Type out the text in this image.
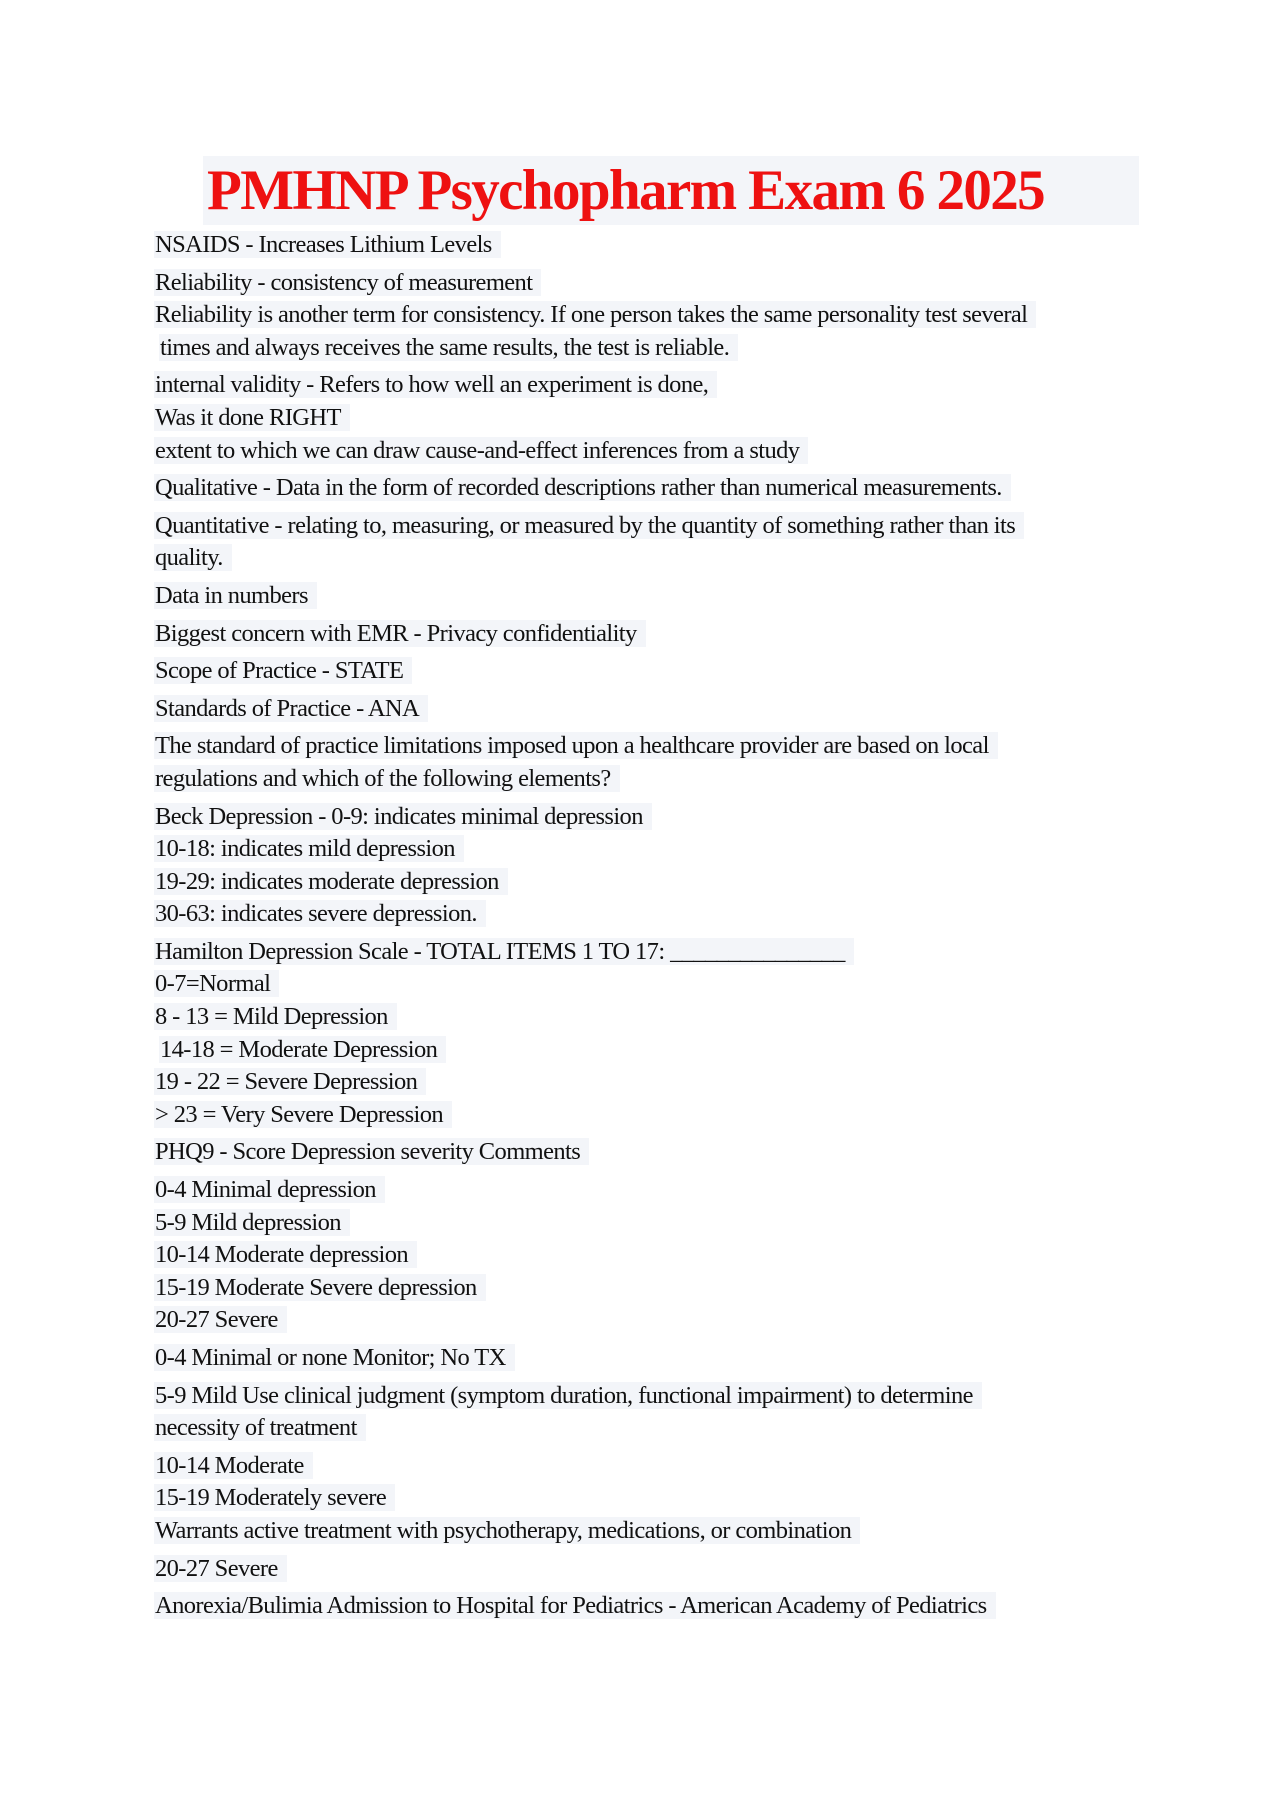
PMHNP Psychopharm Exam 6 2025
NSAIDS - Increases Lithium Levels
Reliability - consistency of measurement
Reliability is another term for consistency. If one person takes the same personality test several
times and always receives the same results, the test is reliable.
internal validity - Refers to how well an experiment is done,
Was it done RIGHT
extent to which we can draw cause-and-effect inferences from a study
Qualitative - Data in the form of recorded descriptions rather than numerical measurements.
Quantitative - relating to, measuring, or measured by the quantity of something rather than its
quality.
Data in numbers
Biggest concern with EMR - Privacy confidentiality
Scope of Practice - STATE
Standards of Practice - ANA
The standard of practice limitations imposed upon a healthcare provider are based on local
regulations and which of the following elements?
Beck Depression - 0-9: indicates minimal depression
10-18: indicates mild depression
19-29: indicates moderate depression
30-63: indicates severe depression.
Hamilton Depression Scale - TOTAL ITEMS 1 TO 17: _______________
0-7=Normal
8 - 13 = Mild Depression
14-18 = Moderate Depression
19 - 22 = Severe Depression
> 23 = Very Severe Depression
PHQ9 - Score Depression severity Comments
0-4 Minimal depression
5-9 Mild depression
10-14 Moderate depression
15-19 Moderate Severe depression
20-27 Severe
0-4 Minimal or none Monitor; No TX
5-9 Mild Use clinical judgment (symptom duration, functional impairment) to determine
necessity of treatment
10-14 Moderate
15-19 Moderately severe
Warrants active treatment with psychotherapy, medications, or combination
20-27 Severe
Anorexia/Bulimia Admission to Hospital for Pediatrics - American Academy of Pediatrics
